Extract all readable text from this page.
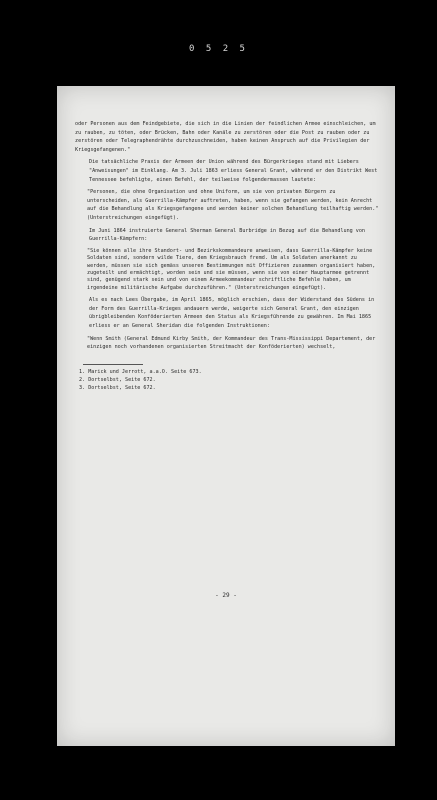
0 5 2 5

oder Personen aus dem Feindgebiete, die sich in die Linien der feindlichen Armee einschleichen, um zu rauben, zu töten, oder Brücken, Bahn oder Kanäle zu zerstören oder die Post zu rauben oder zu zerstören oder Telegraphendrähte durchzuschneiden, haben keinen Anspruch auf die Privilegien der Kriegsgefangenen."

Die tatsächliche Praxis der Armeen der Union während des Bürgerkrieges stand mit Liebers "Anweisungen" im Einklang. Am 3. Juli 1863 erliess General Grant, während er den Distrikt West Tennessee befehligte, einen Befehl, der teilweise folgendermassen lautete:

"Personen, die ohne Organisation und ohne Uniform, um sie von privaten Bürgern zu unterscheiden, als Guerrilla-Kämpfer auftreten, haben, wenn sie gefangen werden, kein Anrecht auf die Behandlung als Kriegsgefangene und werden keiner solchen Behandlung teilhaftig werden." (Unterstreichungen eingefügt).

Im Juni 1864 instruierte General Sherman General Burbridge in Bezug auf die Behandlung von Guerrilla-Kämpfern:

"Sie können alle ihre Standort- und Bezirkskommandeure anweisen, dass Guerrilla-Kämpfer keine Soldaten sind, sondern wilde Tiere, dem Kriegsbrauch fremd. Um als Soldaten anerkannt zu werden, müssen sie sich gemäss unseren Bestimmungen mit Offizieren zusammen organisiert haben, zugeteilt und ermächtigt, worden sein und sie müssen, wenn sie von einer Hauptarmee getrennt sind, genügend stark sein und von einem Armeekommandeur schriftliche Befehle haben, um irgendeine militärische Aufgabe durchzuführen." (Unterstreichungen eingefügt).

Als es nach Lees Übergabe, im April 1865, möglich erschien, dass der Widerstand des Südens in der Form des Guerrilla-Krieges andauern werde, weigerte sich General Grant, den einzigen übrigbleibenden Konföderierten Armeen den Status als Kriegsführende zu gewähren. Im Mai 1865 erliess er an General Sheridan die folgenden Instruktionen:

"Wenn Smith (General Edmund Kirby Smith, der Kommandeur des Trans-Mississippi Departement, der einzigen noch vorhandenen organisierten Streitmacht der Konföderierten) wechselt,

1. Marick und Jerrott, a.a.O. Seite 673.
2. Dortselbst, Seite 672.
3. Dortselbst, Seite 672.
- 29 -
